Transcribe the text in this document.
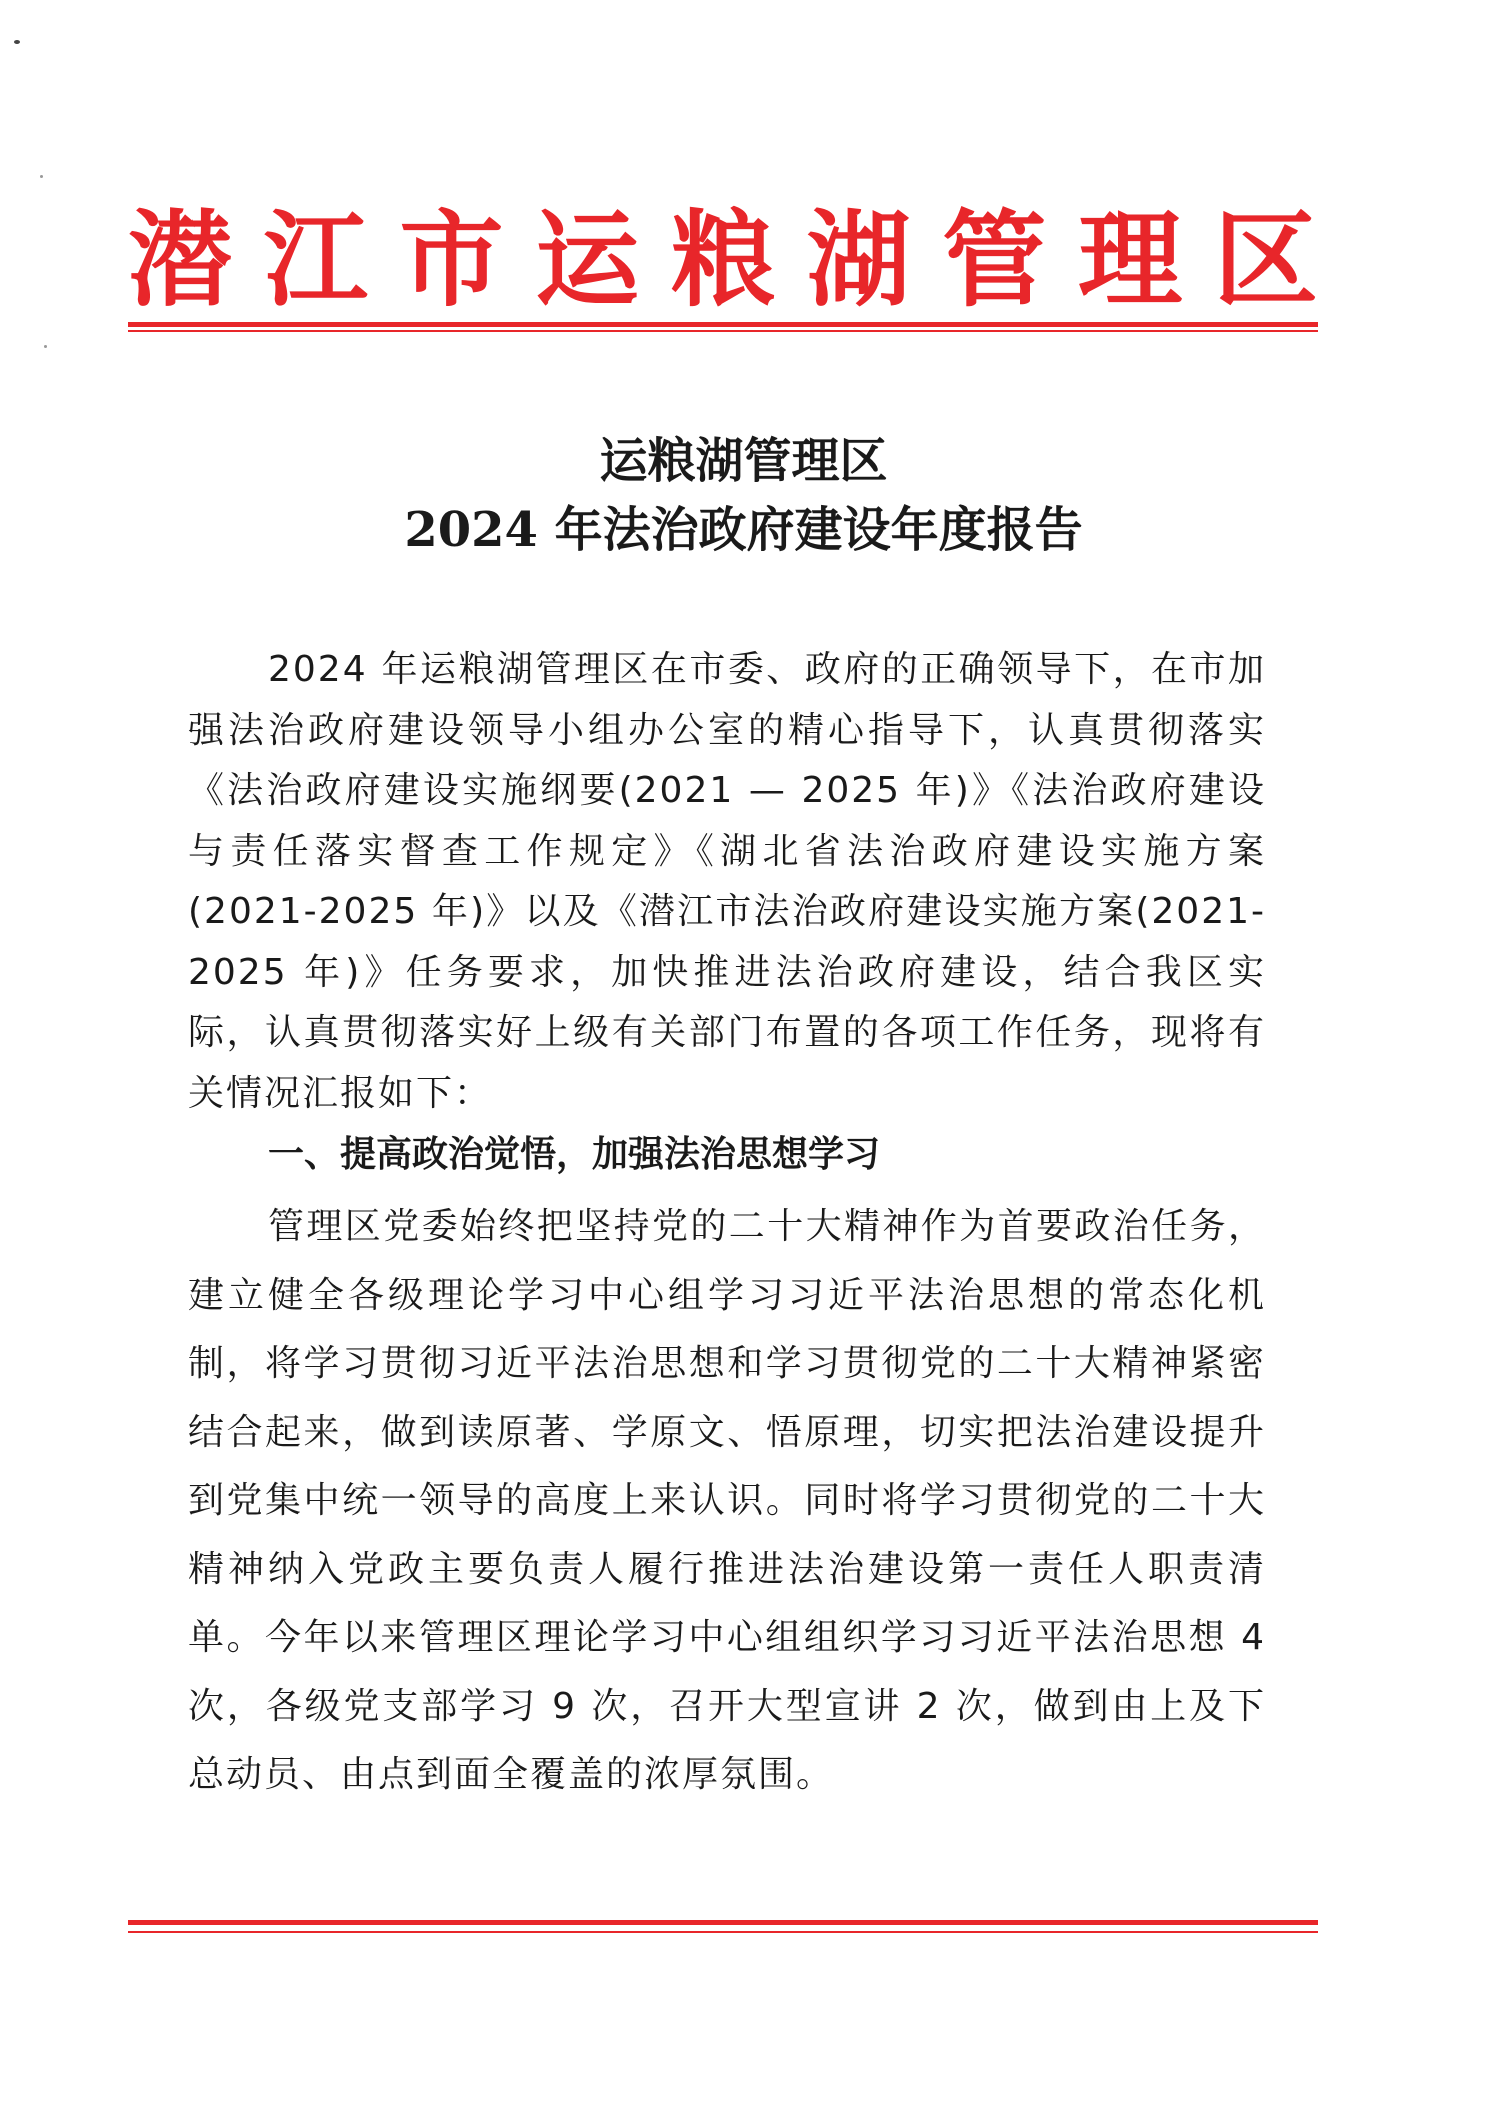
潜 江 市 运 粮 湖 管 理 区
运粮湖管理区
2024 年法治政府建设年度报告

2024 年运粮湖管理区在市委、政府的正确领导下，在市加强法治政府建设领导小组办公室的精心指导下，认真贯彻落实《法治政府建设实施纲要(2021 — 2025 年)》《法治政府建设与责任落实督查工作规定》《湖北省法治政府建设实施方案(2021-2025 年)》以及《潜江市法治政府建设实施方案(2021-2025 年)》任务要求，加快推进法治政府建设，结合我区实际，认真贯彻落实好上级有关部门布置的各项工作任务，现将有关情况汇报如下：

一、提高政治觉悟，加强法治思想学习

管理区党委始终把坚持党的二十大精神作为首要政治任务，建立健全各级理论学习中心组学习习近平法治思想的常态化机制，将学习贯彻习近平法治思想和学习贯彻党的二十大精神紧密结合起来，做到读原著、学原文、悟原理，切实把法治建设提升到党集中统一领导的高度上来认识。同时将学习贯彻党的二十大精神纳入党政主要负责人履行推进法治建设第一责任人职责清单。今年以来管理区理论学习中心组组织学习习近平法治思想 4 次，各级党支部学习 9 次，召开大型宣讲 2 次，做到由上及下总动员、由点到面全覆盖的浓厚氛围。
